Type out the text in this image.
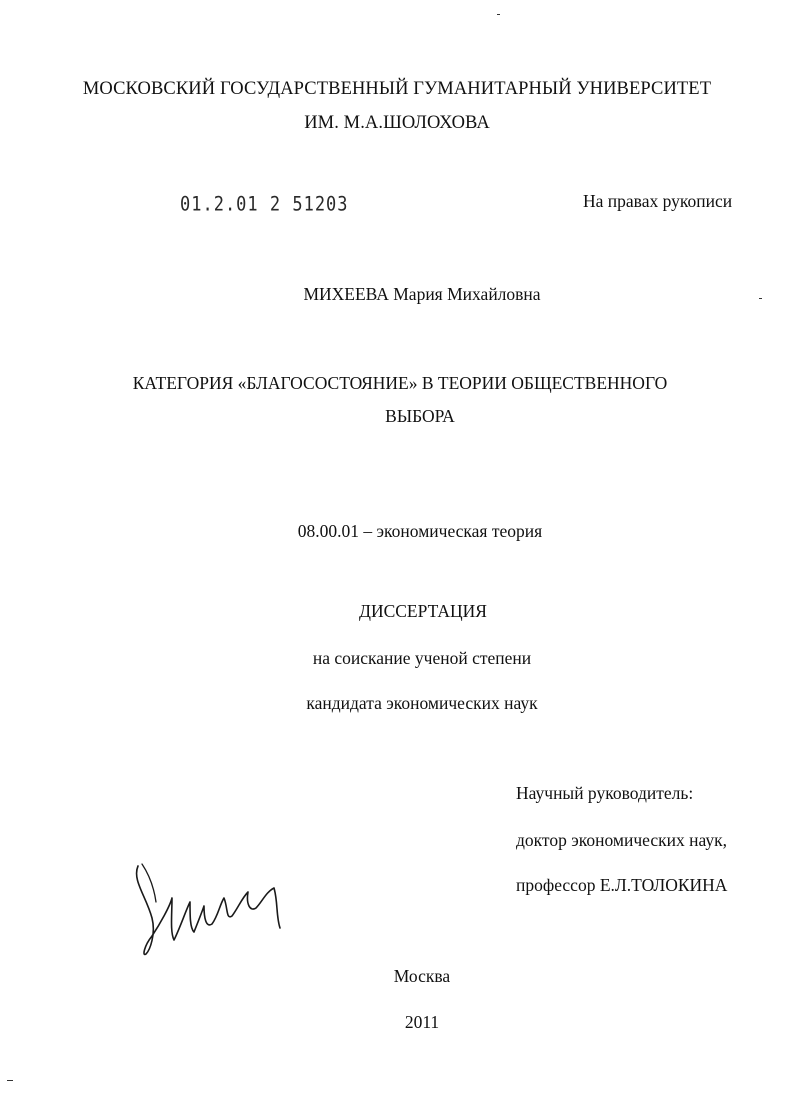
МОСКОВСКИЙ ГОСУДАРСТВЕННЫЙ ГУМАНИТАРНЫЙ УНИВЕРСИТЕТ
ИМ. М.А.ШОЛОХОВА
01.2.01 2 51203	На правах рукописи
МИХЕЕВА Мария Михайловна
КАТЕГОРИЯ «БЛАГОСОСТОЯНИЕ» В ТЕОРИИ ОБЩЕСТВЕННОГО
ВЫБОРА
08.00.01 – экономическая теория
ДИССЕРТАЦИЯ
на соискание ученой степени
кандидата экономических наук
Научный руководитель:
доктор экономических наук,
профессор Е.Л.ТОЛОКИНА
Москва
2011
